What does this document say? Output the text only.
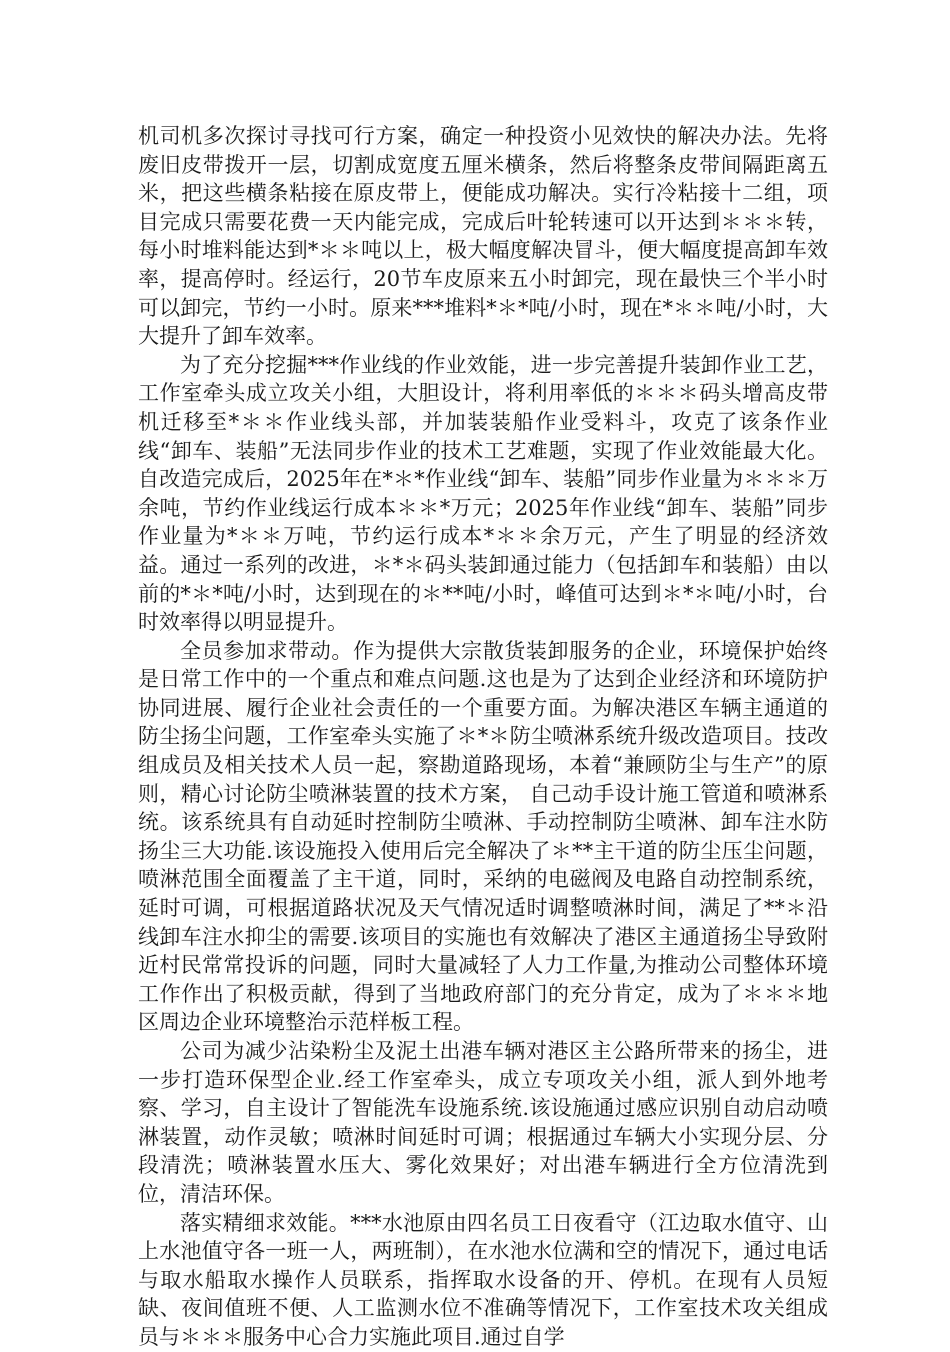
机司机多次探讨寻找可行方案，确定一种投资小见效快的解决办法。先将废旧皮带拨开一层，切割成宽度五厘米横条，然后将整条皮带间隔距离五米，把这些横条粘接在原皮带上，便能成功解决。实行冷粘接十二组，项目完成只需要花费一天内能完成，完成后叶轮转速可以开达到＊＊＊转，每小时堆料能达到*＊＊吨以上，极大幅度解决冒斗，便大幅度提高卸车效率，提高停时。经运行，20节车皮原来五小时卸完，现在最快三个半小时可以卸完，节约一小时。原来***堆料*＊*吨/小时，现在*＊＊吨/小时，大大提升了卸车效率。

为了充分挖掘***作业线的作业效能，进一步完善提升装卸作业工艺，工作室牵头成立攻关小组，大胆设计，将利用率低的＊＊＊码头增高皮带机迁移至*＊＊作业线头部，并加装装船作业受料斗，攻克了该条作业线“卸车、装船”无法同步作业的技术工艺难题，实现了作业效能最大化。自改造完成后，2025年在*＊*作业线“卸车、装船”同步作业量为＊＊＊万余吨，节约作业线运行成本＊＊*万元；2025年作业线“卸车、装船”同步作业量为*＊＊万吨，节约运行成本*＊＊余万元，产生了明显的经济效益。通过一系列的改进，＊*＊码头装卸通过能力（包括卸车和装船）由以前的*＊*吨/小时，达到现在的＊**吨/小时，峰值可达到＊*＊吨/小时，台时效率得以明显提升。

全员参加求带动。作为提供大宗散货装卸服务的企业，环境保护始终是日常工作中的一个重点和难点问题.这也是为了达到企业经济和环境防护协同进展、履行企业社会责任的一个重要方面。为解决港区车辆主通道的防尘扬尘问题，工作室牵头实施了＊*＊防尘喷淋系统升级改造项目。技改组成员及相关技术人员一起，察勘道路现场，本着“兼顾防尘与生产”的原则，精心讨论防尘喷淋装置的技术方案， 自己动手设计施工管道和喷淋系统。该系统具有自动延时控制防尘喷淋、手动控制防尘喷淋、卸车注水防扬尘三大功能.该设施投入使用后完全解决了＊**主干道的防尘压尘问题，喷淋范围全面覆盖了主干道，同时，采纳的电磁阀及电路自动控制系统，延时可调，可根据道路状况及天气情况适时调整喷淋时间，满足了**＊沿线卸车注水抑尘的需要.该项目的实施也有效解决了港区主通道扬尘导致附近村民常常投诉的问题，同时大量减轻了人力工作量,为推动公司整体环境工作作出了积极贡献，得到了当地政府部门的充分肯定，成为了＊＊＊地区周边企业环境整治示范样板工程。

公司为减少沾染粉尘及泥土出港车辆对港区主公路所带来的扬尘，进一步打造环保型企业.经工作室牵头，成立专项攻关小组，派人到外地考察、学习，自主设计了智能洗车设施系统.该设施通过感应识别自动启动喷淋装置，动作灵敏；喷淋时间延时可调；根据通过车辆大小实现分层、分段清洗；喷淋装置水压大、雾化效果好；对出港车辆进行全方位清洗到位，清洁环保。

落实精细求效能。***水池原由四名员工日夜看守（江边取水值守、山上水池值守各一班一人，两班制），在水池水位满和空的情况下，通过电话与取水船取水操作人员联系，指挥取水设备的开、停机。在现有人员短缺、夜间值班不便、人工监测水位不准确等情况下，工作室技术攻关组成员与＊＊＊服务中心合力实施此项目.通过自学
